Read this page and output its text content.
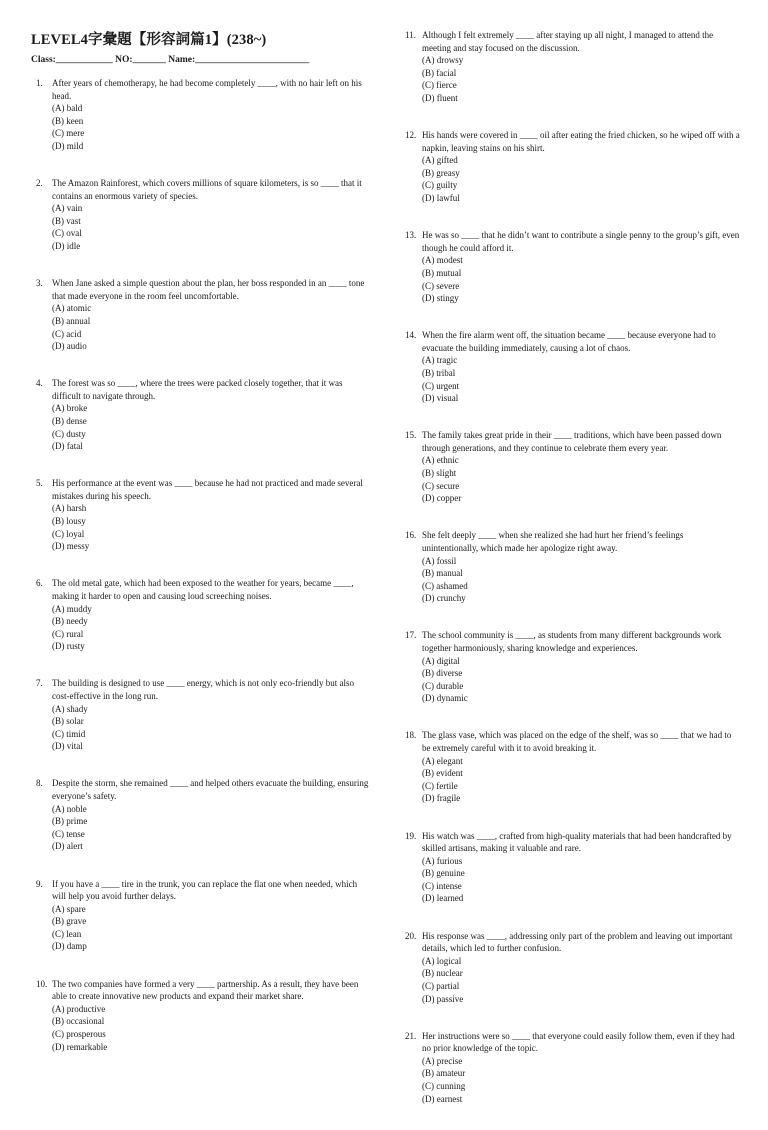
LEVEL4字彙題【形容詞篇1】(238~)
Class:____________ NO:_______ Name:________________________
1. After years of chemotherapy, he had become completely ____, with no hair left on his head.
(A) bald
(B) keen
(C) mere
(D) mild
2. The Amazon Rainforest, which covers millions of square kilometers, is so ____ that it contains an enormous variety of species.
(A) vain
(B) vast
(C) oval
(D) idle
3. When Jane asked a simple question about the plan, her boss responded in an ____ tone that made everyone in the room feel uncomfortable.
(A) atomic
(B) annual
(C) acid
(D) audio
4. The forest was so ____, where the trees were packed closely together, that it was difficult to navigate through.
(A) broke
(B) dense
(C) dusty
(D) fatal
5. His performance at the event was ____ because he had not practiced and made several mistakes during his speech.
(A) harsh
(B) lousy
(C) loyal
(D) messy
6. The old metal gate, which had been exposed to the weather for years, became ____, making it harder to open and causing loud screeching noises.
(A) muddy
(B) needy
(C) rural
(D) rusty
7. The building is designed to use ____ energy, which is not only eco-friendly but also cost-effective in the long run.
(A) shady
(B) solar
(C) timid
(D) vital
8. Despite the storm, she remained ____ and helped others evacuate the building, ensuring everyone’s safety.
(A) noble
(B) prime
(C) tense
(D) alert
9. If you have a ____ tire in the trunk, you can replace the flat one when needed, which will help you avoid further delays.
(A) spare
(B) grave
(C) lean
(D) damp
10. The two companies have formed a very ____ partnership. As a result, they have been able to create innovative new products and expand their market share.
(A) productive
(B) occasional
(C) prosperous
(D) remarkable
11. Although I felt extremely ____ after staying up all night, I managed to attend the meeting and stay focused on the discussion.
(A) drowsy
(B) facial
(C) fierce
(D) fluent
12. His hands were covered in ____ oil after eating the fried chicken, so he wiped off with a napkin, leaving stains on his shirt.
(A) gifted
(B) greasy
(C) guilty
(D) lawful
13. He was so ____ that he didn’t want to contribute a single penny to the group’s gift, even though he could afford it.
(A) modest
(B) mutual
(C) severe
(D) stingy
14. When the fire alarm went off, the situation became ____ because everyone had to evacuate the building immediately, causing a lot of chaos.
(A) tragic
(B) tribal
(C) urgent
(D) visual
15. The family takes great pride in their ____ traditions, which have been passed down through generations, and they continue to celebrate them every year.
(A) ethnic
(B) slight
(C) secure
(D) copper
16. She felt deeply ____ when she realized she had hurt her friend’s feelings unintentionally, which made her apologize right away.
(A) fossil
(B) manual
(C) ashamed
(D) crunchy
17. The school community is ____, as students from many different backgrounds work together harmoniously, sharing knowledge and experiences.
(A) digital
(B) diverse
(C) durable
(D) dynamic
18. The glass vase, which was placed on the edge of the shelf, was so ____ that we had to be extremely careful with it to avoid breaking it.
(A) elegant
(B) evident
(C) fertile
(D) fragile
19. His watch was ____, crafted from high-quality materials that had been handcrafted by skilled artisans, making it valuable and rare.
(A) furious
(B) genuine
(C) intense
(D) learned
20. His response was ____, addressing only part of the problem and leaving out important details, which led to further confusion.
(A) logical
(B) nuclear
(C) partial
(D) passive
21. Her instructions were so ____ that everyone could easily follow them, even if they had no prior knowledge of the topic.
(A) precise
(B) amateur
(C) cunning
(D) earnest
